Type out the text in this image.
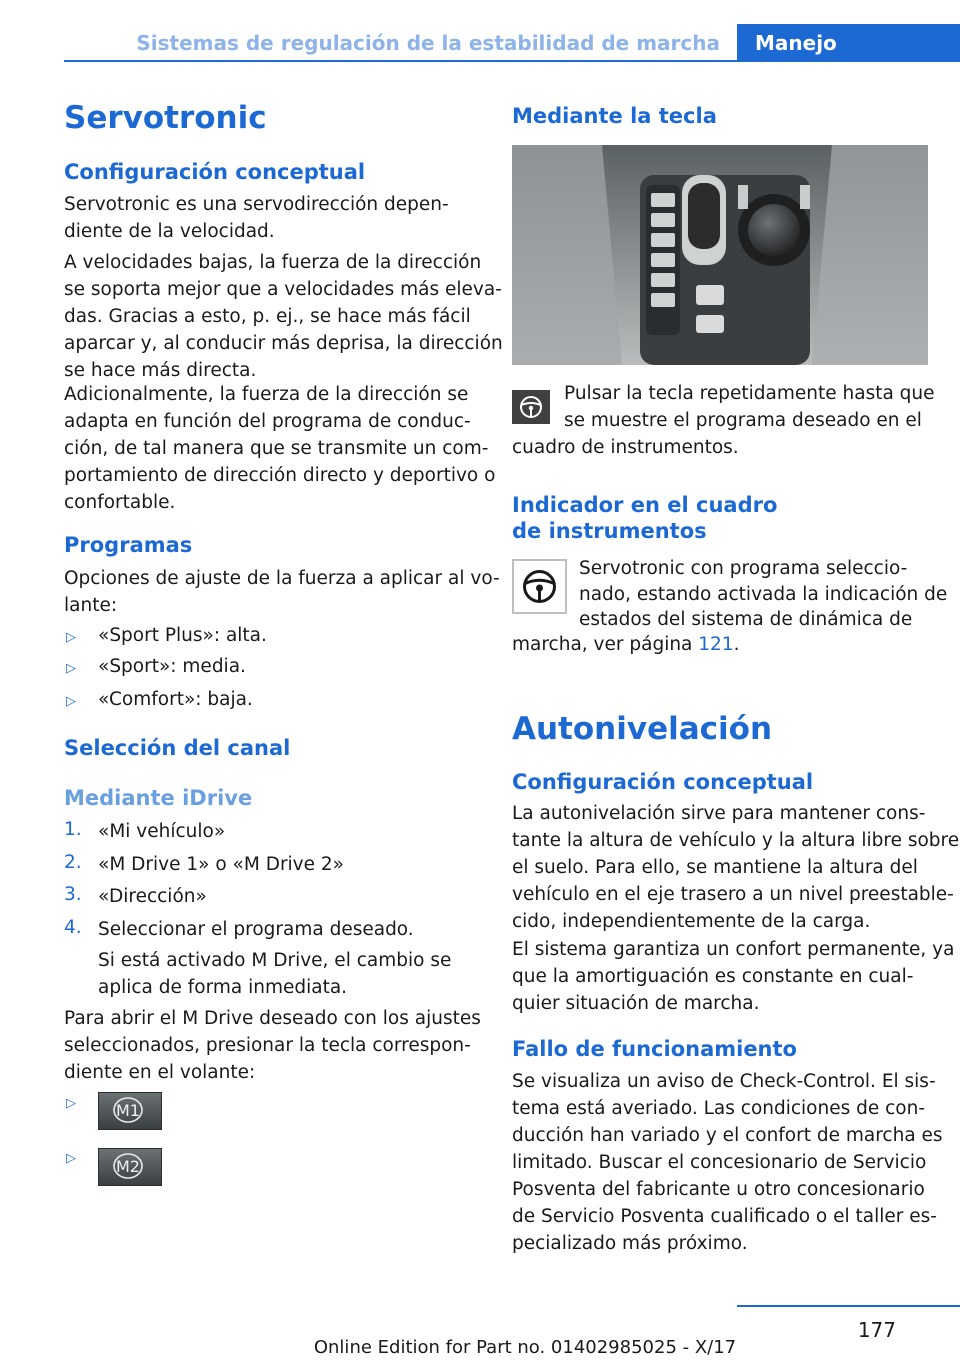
Sistemas de regulación de la estabilidad de marcha	Manejo
Servotronic
Configuración conceptual
Servotronic es una servodirección depen-
diente de la velocidad.
A velocidades bajas, la fuerza de la dirección
se soporta mejor que a velocidades más eleva-
das. Gracias a esto, p. ej., se hace más fácil
aparcar y, al conducir más deprisa, la dirección
se hace más directa.
Adicionalmente, la fuerza de la dirección se
adapta en función del programa de conduc-
ción, de tal manera que se transmite un com-
portamiento de dirección directo y deportivo o
confortable.
Programas
Opciones de ajuste de la fuerza a aplicar al vo-
lante:
▷ «Sport Plus»: alta.
▷ «Sport»: media.
▷ «Comfort»: baja.
Selección del canal
Mediante iDrive
1. «Mi vehículo»
2. «M Drive 1» o «M Drive 2»
3. «Dirección»
4. Seleccionar el programa deseado.
Si está activado M Drive, el cambio se
aplica de forma inmediata.
Para abrir el M Drive deseado con los ajustes
seleccionados, presionar la tecla correspon-
diente en el volante:
▷
▷
M1
M2
Mediante la tecla
Pulsar la tecla repetidamente hasta que
se muestre el programa deseado en el
cuadro de instrumentos.
Indicador en el cuadro
de instrumentos
Servotronic con programa seleccio-
nado, estando activada la indicación de
estados del sistema de dinámica de
marcha, ver página 121.
Autonivelación
Configuración conceptual
La autonivelación sirve para mantener cons-
tante la altura de vehículo y la altura libre sobre
el suelo. Para ello, se mantiene la altura del
vehículo en el eje trasero a un nivel preestable-
cido, independientemente de la carga.
El sistema garantiza un confort permanente, ya
que la amortiguación es constante en cual-
quier situación de marcha.
Fallo de funcionamiento
Se visualiza un aviso de Check-Control. El sis-
tema está averiado. Las condiciones de con-
ducción han variado y el confort de marcha es
limitado. Buscar el concesionario de Servicio
Posventa del fabricante u otro concesionario
de Servicio Posventa cualificado o el taller es-
pecializado más próximo.
177
Online Edition for Part no. 01402985025 - X/17
